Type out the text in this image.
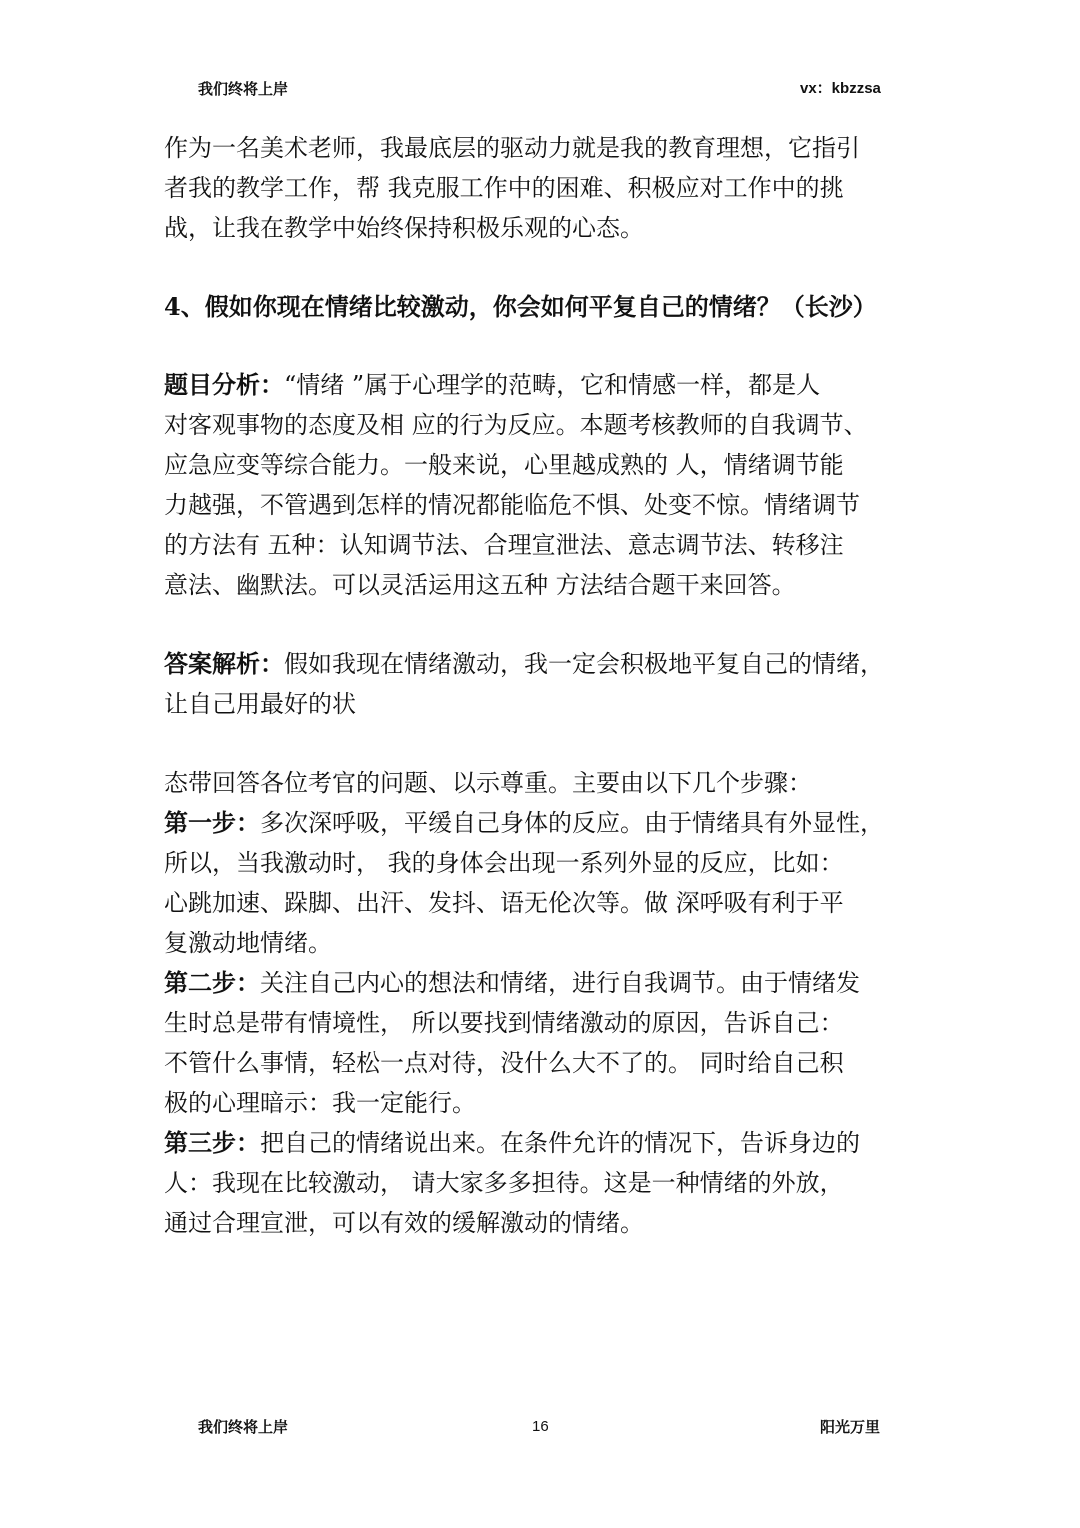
我们终将上岸	vx：kbzzsa
作为一名美术老师，我最底层的驱动力就是我的教育理想，它指引
者我的教学工作，帮 我克服工作中的困难、积极应对工作中的挑
战，让我在教学中始终保持积极乐观的心态。
4、假如你现在情绪比较激动，你会如何平复自己的情绪？（长沙）
题目分析：“情绪 ”属于心理学的范畴，它和情感一样，都是人
对客观事物的态度及相 应的行为反应。本题考核教师的自我调节、
应急应变等综合能力。一般来说，心里越成熟的 人，情绪调节能
力越强，不管遇到怎样的情况都能临危不惧、处变不惊。情绪调节
的方法有 五种：认知调节法、合理宣泄法、意志调节法、转移注
意法、幽默法。可以灵活运用这五种 方法结合题干来回答。
答案解析：假如我现在情绪激动，我一定会积极地平复自己的情绪，
让自己用最好的状
态带回答各位考官的问题、以示尊重。主要由以下几个步骤：
第一步：多次深呼吸，平缓自己身体的反应。由于情绪具有外显性，
所以，当我激动时， 我的身体会出现一系列外显的反应，比如：
心跳加速、跺脚、出汗、发抖、语无伦次等。做 深呼吸有利于平
复激动地情绪。
第二步：关注自己内心的想法和情绪，进行自我调节。由于情绪发
生时总是带有情境性， 所以要找到情绪激动的原因，告诉自己：
不管什么事情，轻松一点对待，没什么大不了的。 同时给自己积
极的心理暗示：我一定能行。
第三步：把自己的情绪说出来。在条件允许的情况下，告诉身边的
人：我现在比较激动， 请大家多多担待。这是一种情绪的外放，
通过合理宣泄，可以有效的缓解激动的情绪。
我们终将上岸	16	阳光万里
